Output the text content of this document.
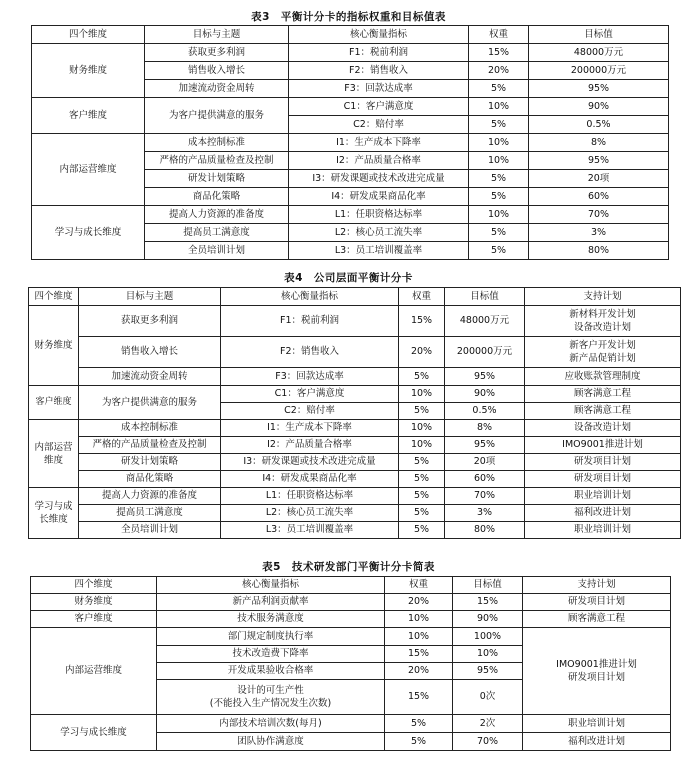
表3　平衡计分卡的指标权重和目标值表
四个维度	目标与主题	核心衡量指标	权重	目标值
财务维度	获取更多利润	F1：税前利润	15%	48000万元
	销售收入增长	F2：销售收入	20%	200000万元
	加速流动资金周转	F3：回款达成率	5%	95%
客户维度	为客户提供满意的服务	C1：客户满意度	10%	90%
		C2：赔付率	5%	0.5%
内部运营维度	成本控制标准	I1：生产成本下降率	10%	8%
	严格的产品质量检查及控制	I2：产品质量合格率	10%	95%
	研发计划策略	I3：研发课题或技术改进完成量	5%	20项
	商品化策略	I4：研发成果商品化率	5%	60%
学习与成长维度	提高人力资源的准备度	L1：任职资格达标率	10%	70%
	提高员工满意度	L2：核心员工流失率	5%	3%
	全员培训计划	L3：员工培训覆盖率	5%	80%
表4　公司层面平衡计分卡
四个维度	目标与主题	核心衡量指标	权重	目标值	支持计划
财务维度	获取更多利润	F1：税前利润	15%	48000万元	新材料开发计划
设备改造计划
	销售收入增长	F2：销售收入	20%	200000万元	新客户开发计划
新产品促销计划
	加速流动资金周转	F3：回款达成率	5%	95%	应收账款管理制度
客户维度	为客户提供满意的服务	C1：客户满意度	10%	90%	顾客满意工程
		C2：赔付率	5%	0.5%	顾客满意工程
内部运营维度	成本控制标准	I1：生产成本下降率	10%	8%	设备改造计划
	严格的产品质量检查及控制	I2：产品质量合格率	10%	95%	IMO9001推进计划
	研发计划策略	I3：研发课题或技术改进完成量	5%	20项	研发项目计划
	商品化策略	I4：研发成果商品化率	5%	60%	研发项目计划
学习与成长维度	提高人力资源的准备度	L1：任职资格达标率	5%	70%	职业培训计划
	提高员工满意度	L2：核心员工流失率	5%	3%	福利改进计划
	全员培训计划	L3：员工培训覆盖率	5%	80%	职业培训计划
表5　技术研发部门平衡计分卡简表
四个维度	核心衡量指标	权重	目标值	支持计划
财务维度	新产品利润贡献率	20%	15%	研发项目计划
客户维度	技术服务满意度	10%	90%	顾客满意工程
内部运营维度	部门规定制度执行率	10%	100%	IMO9001推进计划
研发项目计划
	技术改造费下降率	15%	10%	
	开发成果验收合格率	20%	95%	
	设计的可生产性
(不能投入生产情况发生次数)	15%	0次	
学习与成长维度	内部技术培训次数(每月)	5%	2次	职业培训计划
	团队协作满意度	5%	70%	福利改进计划
